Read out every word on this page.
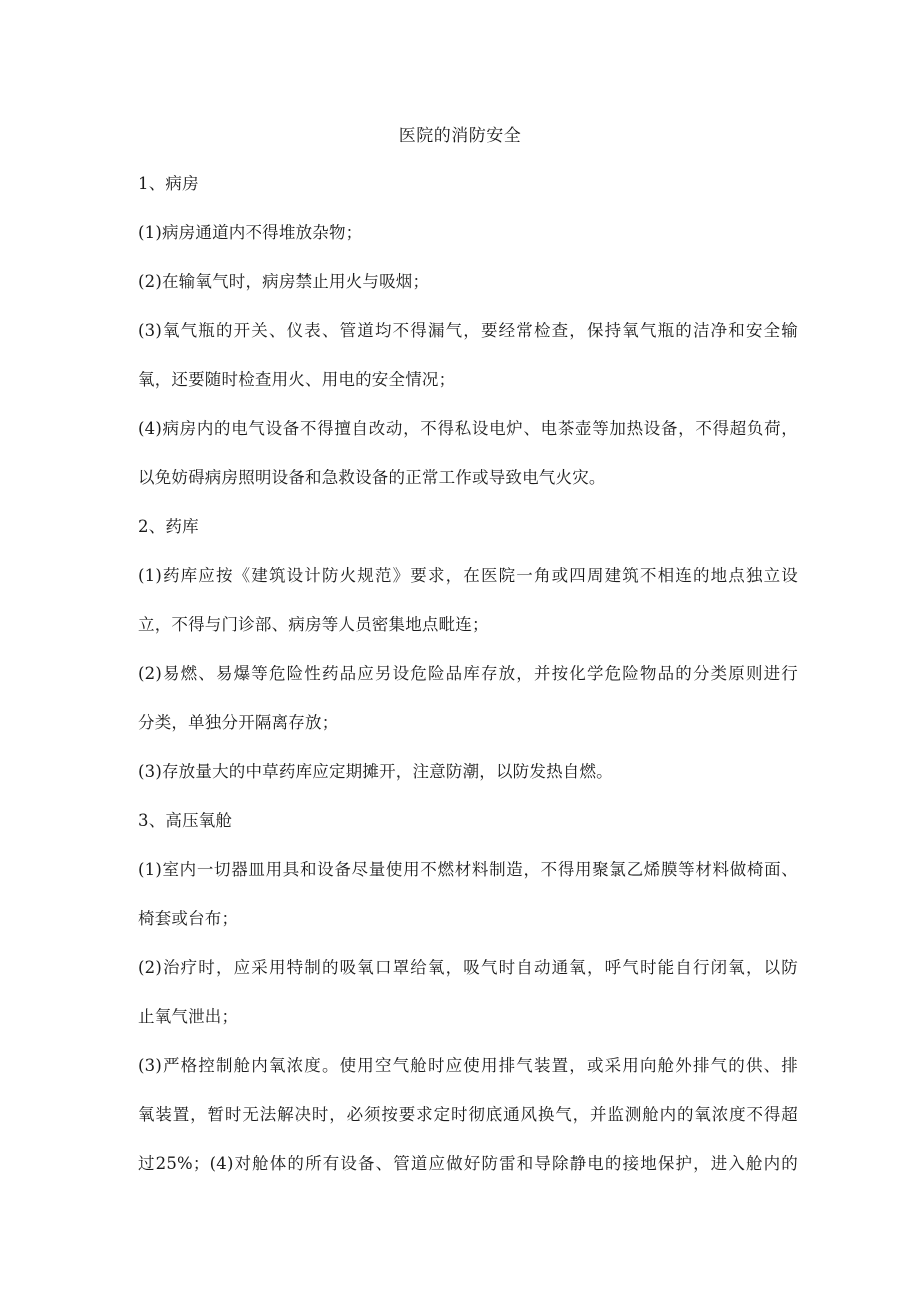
医院的消防安全
1、病房
(1)病房通道内不得堆放杂物；
(2)在输氧气时，病房禁止用火与吸烟；
(3)氧气瓶的开关、仪表、管道均不得漏气，要经常检查，保持氧气瓶的洁净和安全输
氧，还要随时检查用火、用电的安全情况；
(4)病房内的电气设备不得擅自改动，不得私设电炉、电茶壶等加热设备，不得超负荷，
以免妨碍病房照明设备和急救设备的正常工作或导致电气火灾。
2、药库
(1)药库应按《建筑设计防火规范》要求，在医院一角或四周建筑不相连的地点独立设
立，不得与门诊部、病房等人员密集地点毗连；
(2)易燃、易爆等危险性药品应另设危险品库存放，并按化学危险物品的分类原则进行
分类，单独分开隔离存放；
(3)存放量大的中草药库应定期摊开，注意防潮，以防发热自燃。
3、高压氧舱
(1)室内一切器皿用具和设备尽量使用不燃材料制造，不得用聚氯乙烯膜等材料做椅面、
椅套或台布；
(2)治疗时，应采用特制的吸氧口罩给氧，吸气时自动通氧，呼气时能自行闭氧，以防
止氧气泄出；
(3)严格控制舱内氧浓度。使用空气舱时应使用排气装置，或采用向舱外排气的供、排
氧装置，暂时无法解决时，必须按要求定时彻底通风换气，并监测舱内的氧浓度不得超
过25%；(4)对舱体的所有设备、管道应做好防雷和导除静电的接地保护，进入舱内的
